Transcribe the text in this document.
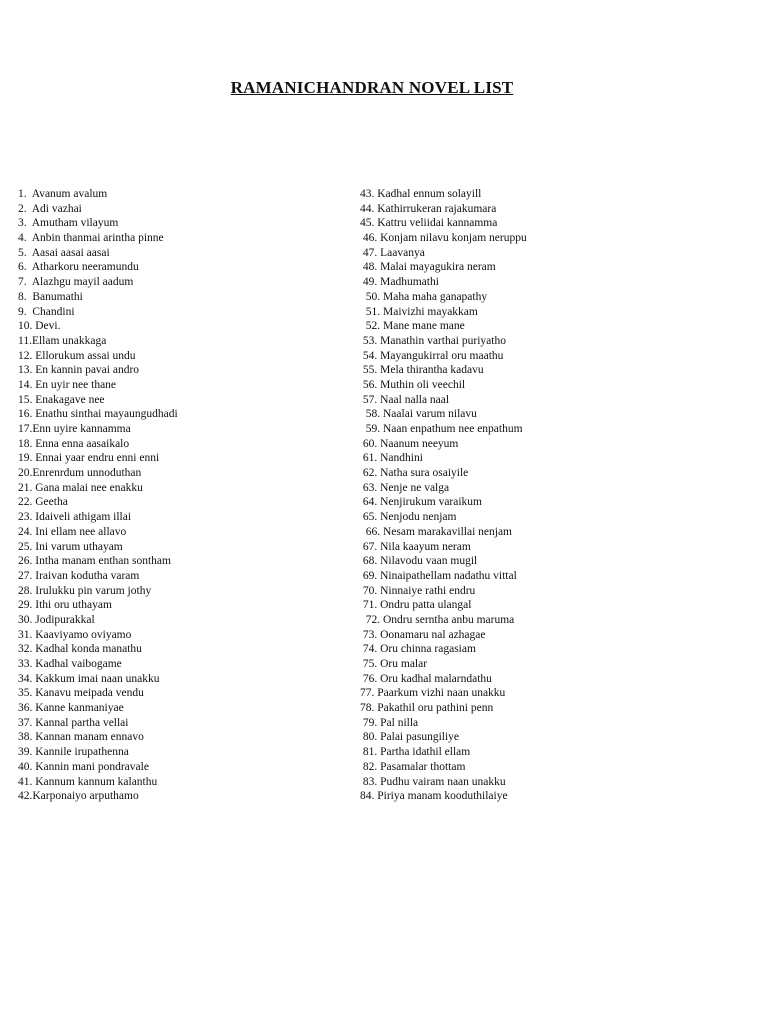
RAMANICHANDRAN NOVEL LIST
1.  Avanum avalum
2.  Adi vazhai
3.  Amutham vilayum
4.  Anbin thanmai arintha pinne
5.  Aasai aasai aasai
6.  Atharkoru neeramundu
7.  Alazhgu mayil aadum
8.  Banumathi
9.  Chandini
10. Devi.
11.Ellam unakkaga
12. Ellorukum assai undu
13. En kannin pavai andro
14. En uyir nee thane
15. Enakagave nee
16. Enathu sinthai mayaungudhadi
17.Enn uyire kannamma
18. Enna enna aasaikalo
19. Ennai yaar endru enni enni
20.Enrenrdum unnoduthan
21. Gana malai nee enakku
22. Geetha
23. Idaiveli athigam illai
24. Ini ellam nee allavo
25. Ini varum uthayam
26. Intha manam enthan sontham
27. Iraivan kodutha varam
28. Irulukku pin varum jothy
29. Ithi oru uthayam
30. Jodipurakkal
31. Kaaviyamo oviyamo
32. Kadhal konda manathu
33. Kadhal vaibogame
34. Kakkum imai naan unakku
35. Kanavu meipada vendu
36. Kanne kanmaniyae
37. Kannal partha vellai
38. Kannan manam ennavo
39. Kannile irupathenna
40. Kannin mani pondravale
41. Kannum kannum kalanthu
42.Karponaiyo arputhamo
43. Kadhal ennum solayill
44. Kathirrukeran rajakumara
45. Kattru veliidai kannamma
46. Konjam nilavu konjam neruppu
47. Laavanya
48. Malai mayagukira neram
49. Madhumathi
50. Maha maha ganapathy
51. Maivizhi mayakkam
52. Mane mane mane
53. Manathin varthai puriyatho
54. Mayangukirral oru maathu
55. Mela thirantha kadavu
56. Muthin oli veechil
57. Naal nalla naal
58. Naalai varum nilavu
59. Naan enpathum nee enpathum
60. Naanum neeyum
61. Nandhini
62. Natha sura osaiyile
63. Nenje ne valga
64. Nenjirukum varaikum
65. Nenjodu nenjam
66. Nesam marakavillai nenjam
67. Nila kaayum neram
68. Nilavodu vaan mugil
69. Ninaipathellam nadathu vittal
70. Ninnaiye rathi endru
71. Ondru patta ulangal
72. Ondru serntha anbu maruma
73. Oonamaru nal azhagae
74. Oru chinna ragasiam
75. Oru malar
76. Oru kadhal malarndathu
77. Paarkum vizhi naan unakku
78. Pakathil oru pathini penn
79. Pal nilla
80. Palai pasungiliye
81. Partha idathil ellam
82. Pasamalar thottam
83. Pudhu vairam naan unakku
84. Piriya manam kooduthilaiye
